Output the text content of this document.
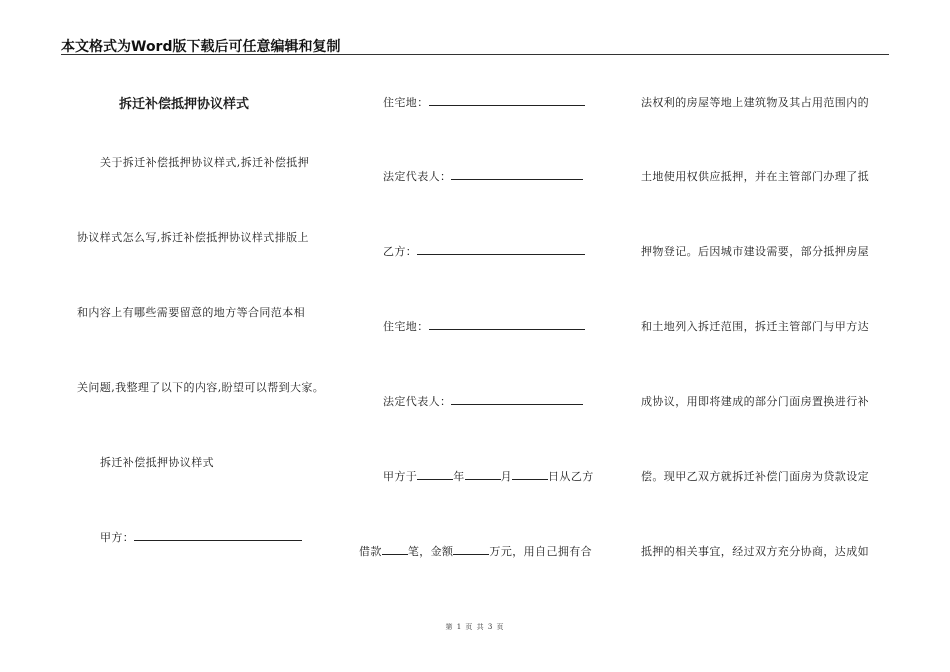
本文格式为Word版下载后可任意编辑和复制
拆迁补偿抵押协议样式
关于拆迁补偿抵押协议样式,拆迁补偿抵押
协议样式怎么写,拆迁补偿抵押协议样式排版上
和内容上有哪些需要留意的地方等合同范本相
关问题,我整理了以下的内容,盼望可以帮到大家。
拆迁补偿抵押协议样式
甲方：
住宅地：
法定代表人：
乙方：
住宅地：
法定代表人：
甲方于	年	月	日从乙方
借款 笔，金额	万元，用自己拥有合
法权利的房屋等地上建筑物及其占用范围内的
土地使用权供应抵押，并在主管部门办理了抵
押物登记。后因城市建设需要，部分抵押房屋
和土地列入拆迁范围，拆迁主管部门与甲方达
成协议，用即将建成的部分门面房置换进行补
偿。现甲乙双方就拆迁补偿门面房为贷款设定
抵押的相关事宜，经过双方充分协商，达成如
第 1 页 共 3 页
